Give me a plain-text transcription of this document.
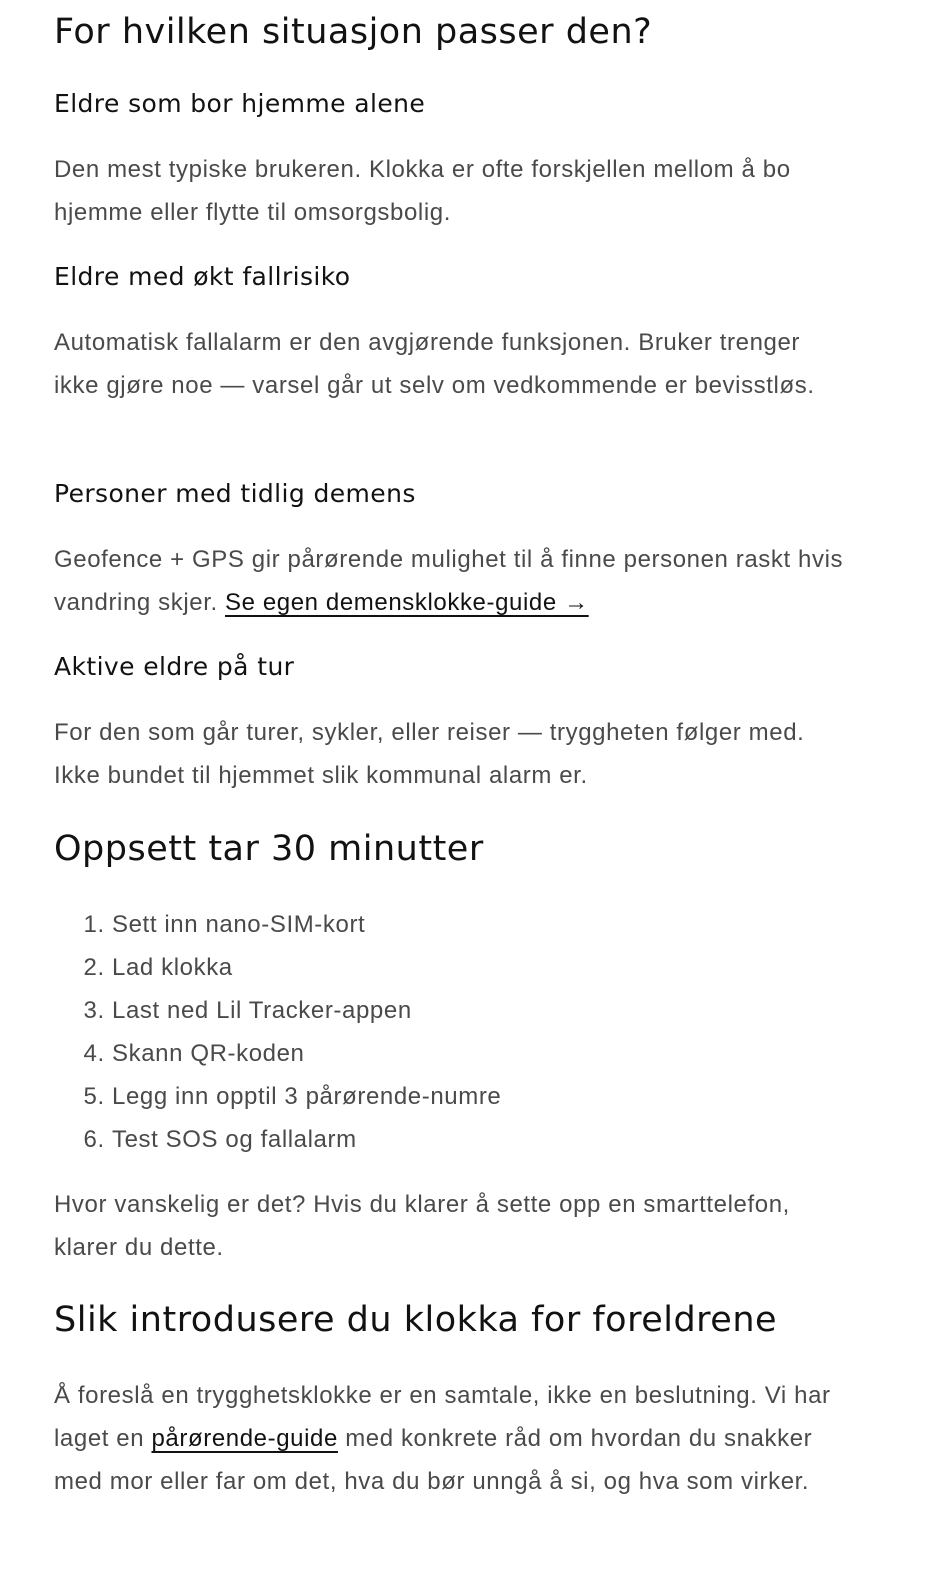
For hvilken situasjon passer den?
Eldre som bor hjemme alene

Den mest typiske brukeren. Klokka er ofte forskjellen mellom å bo hjemme eller flytte til omsorgsbolig.

Eldre med økt fallrisiko

Automatisk fallalarm er den avgjørende funksjonen. Bruker trenger ikke gjøre noe — varsel går ut selv om vedkommende er bevisstløs.

Personer med tidlig demens

Geofence + GPS gir pårørende mulighet til å finne personen raskt hvis vandring skjer. Se egen demensklokke-guide →

Aktive eldre på tur

For den som går turer, sykler, eller reiser — tryggheten følger med. Ikke bundet til hjemmet slik kommunal alarm er.

Oppsett tar 30 minutter
1. Sett inn nano-SIM-kort
2. Lad klokka
3. Last ned Lil Tracker-appen
4. Skann QR-koden
5. Legg inn opptil 3 pårørende-numre
6. Test SOS og fallalarm

Hvor vanskelig er det? Hvis du klarer å sette opp en smarttelefon, klarer du dette.

Slik introdusere du klokka for foreldrene

Å foreslå en trygghetsklokke er en samtale, ikke en beslutning. Vi har laget en pårørende-guide med konkrete råd om hvordan du snakker med mor eller far om det, hva du bør unngå å si, og hva som virker.
